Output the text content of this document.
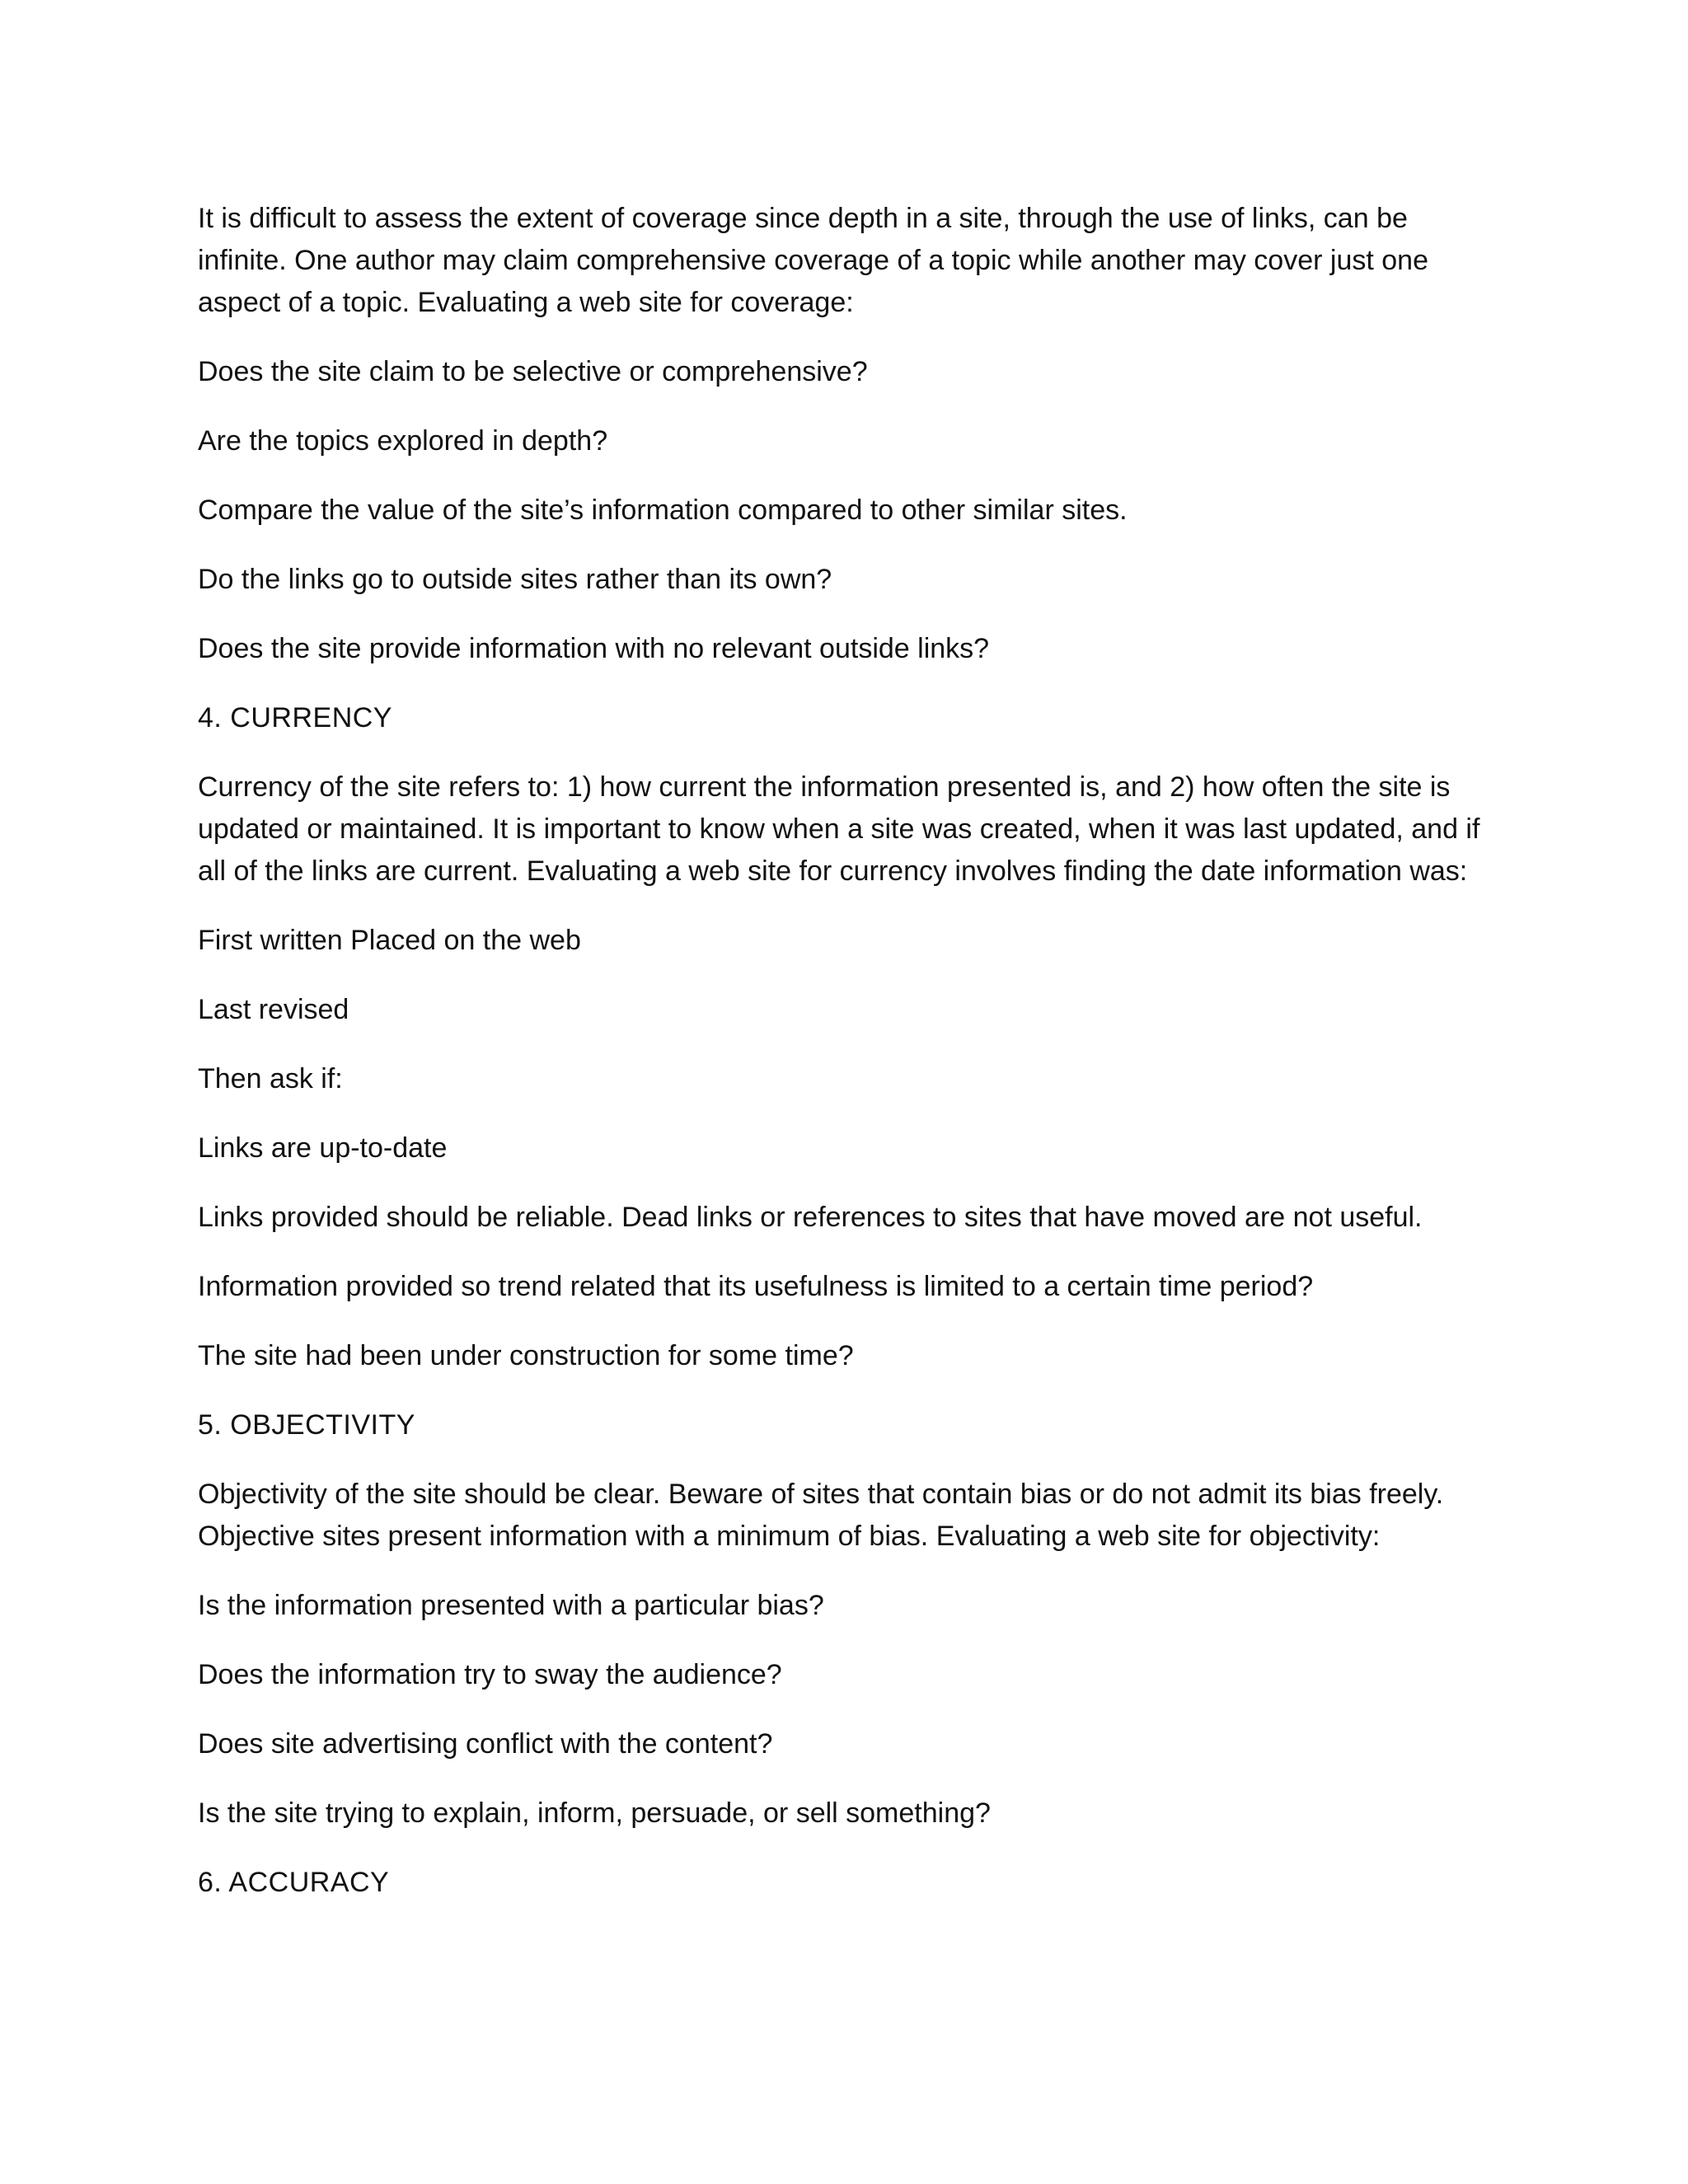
It is difficult to assess the extent of coverage since depth in a site, through the use of links, can be infinite. One author may claim comprehensive coverage of a topic while another may cover just one aspect of a topic. Evaluating a web site for coverage:

Does the site claim to be selective or comprehensive?

Are the topics explored in depth?

Compare the value of the site’s information compared to other similar sites.

Do the links go to outside sites rather than its own?

Does the site provide information with no relevant outside links?

4. CURRENCY

Currency of the site refers to: 1) how current the information presented is, and 2) how often the site is updated or maintained. It is important to know when a site was created, when it was last updated, and if all of the links are current. Evaluating a web site for currency involves finding the date information was:

First written Placed on the web

Last revised

Then ask if:

Links are up-to-date

Links provided should be reliable. Dead links or references to sites that have moved are not useful.

Information provided so trend related that its usefulness is limited to a certain time period?

The site had been under construction for some time?

5. OBJECTIVITY

Objectivity of the site should be clear. Beware of sites that contain bias or do not admit its bias freely. Objective sites present information with a minimum of bias. Evaluating a web site for objectivity:

Is the information presented with a particular bias?

Does the information try to sway the audience?

Does site advertising conflict with the content?

Is the site trying to explain, inform, persuade, or sell something?

6. ACCURACY
